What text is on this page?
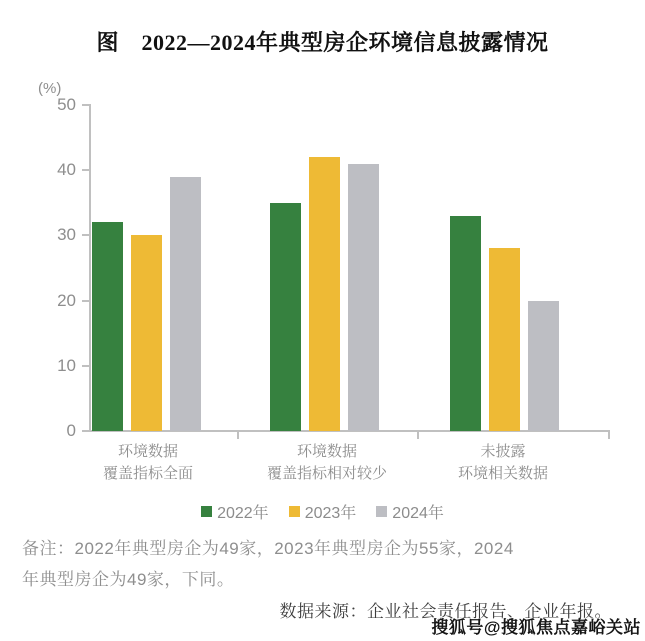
图　2022—2024年典型房企环境信息披露情况
(%)
0
10
20
30
40
50
环境数据
覆盖指标全面
环境数据
覆盖指标相对较少
未披露
环境相关数据
2022年 2023年 2024年
备注：2022年典型房企为49家，2023年典型房企为55家，2024
年典型房企为49家，下同。
数据来源：企业社会责任报告、企业年报。
搜狐号@搜狐焦点嘉峪关站
